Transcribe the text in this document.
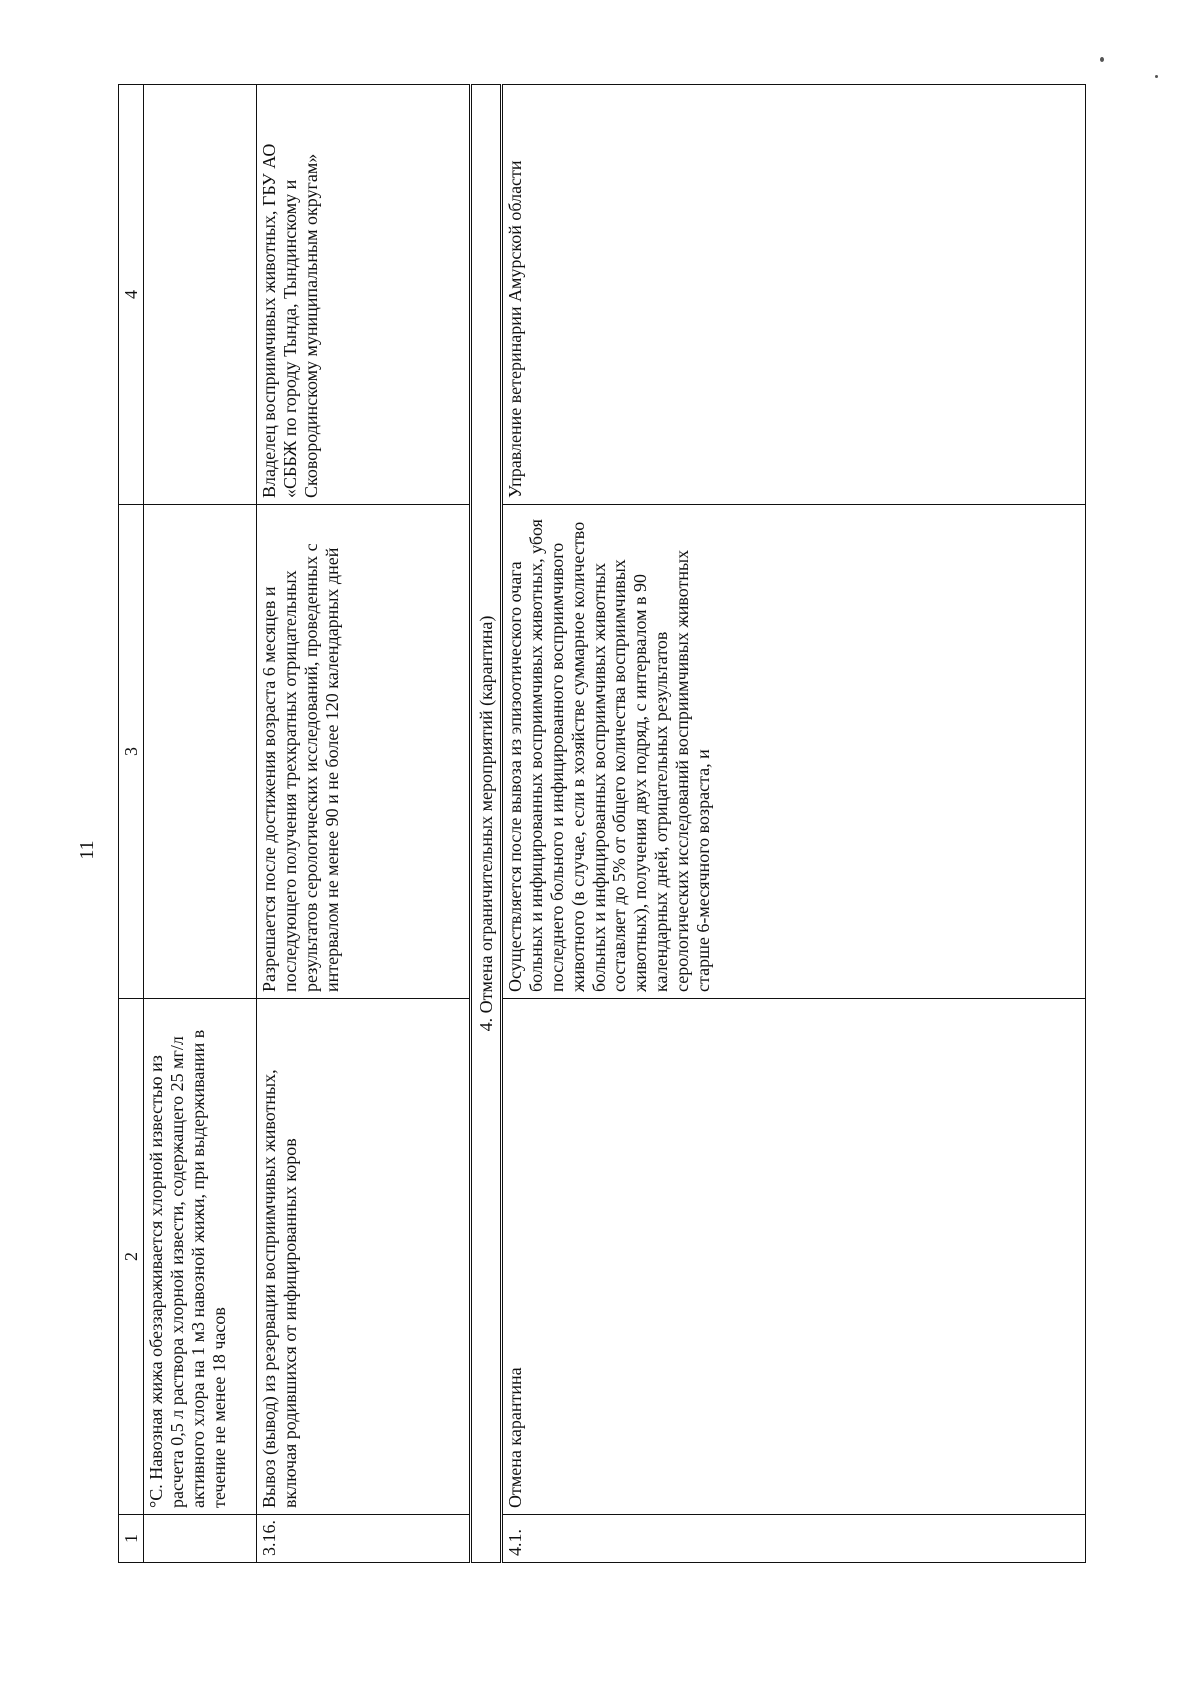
11
1	2	3	4
	°С. Навозная жижа обеззараживается хлорной известью из расчета 0,5 л раствора хлорной извести, содержащего 25 мг/л активного хлора на 1 м3 навозной жижи, при выдерживании в течение не менее 18 часов		
3.16.	Вывоз (вывод) из резервации восприимчивых животных, включая родившихся от инфицированных коров	Разрешается после достижения возраста 6 месяцев и последующего получения трехкратных отрицательных результатов серологических исследований, проведенных с интервалом не менее 90 и не более 120 календарных дней	Владелец восприимчивых животных, ГБУ АО «СББЖ по городу Тында, Тындинскому и Сковородинскому муниципальным округам»
4. Отмена ограничительных мероприятий (карантина)			
4.1.	Отмена карантина	Осуществляется после вывоза из эпизоотического очага больных и инфицированных восприимчивых животных, убоя последнего больного и инфицированного восприимчивого животного (в случае, если в хозяйстве суммарное количество больных и инфицированных восприимчивых животных составляет до 5% от общего количества восприимчивых животных), получения двух подряд, с интервалом в 90 календарных дней, отрицательных результатов серологических исследований восприимчивых животных старше 6-месячного возраста, и	Управление ветеринарии Амурской области
